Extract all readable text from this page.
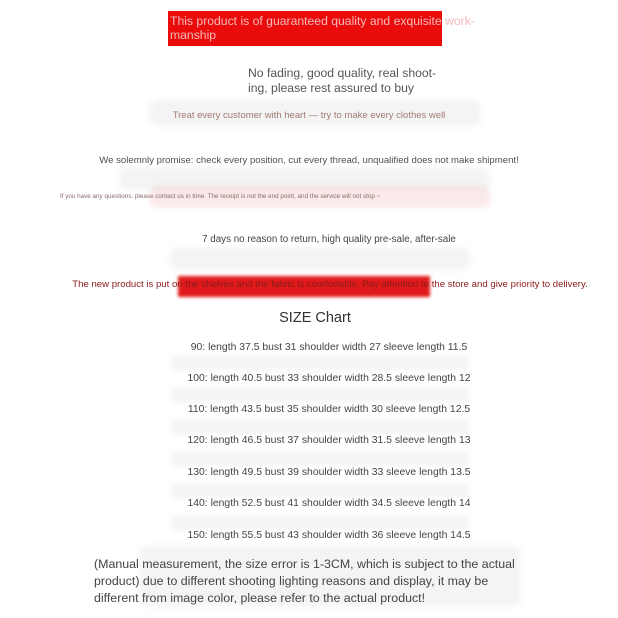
This product is of guaranteed quality and exquisite work-manship
No fading, good quality, real shoot-ing, please rest assured to buy
Treat every customer with heart — try to make every clothes well
We solemnly promise: check every position, cut every thread, unqualified does not make shipment!
If you have any questions, please contact us in time. The receipt is not the end point, and the service will not stop ~
7 days no reason to return, high quality pre-sale, after-sale
The new product is put on the shelves and the fabric is comfortable. Pay attention to the store and give priority to delivery.
SIZE Chart
90: length 37.5 bust 31 shoulder width 27 sleeve length 11.5
100: length 40.5 bust 33 shoulder width 28.5 sleeve length 12
110: length 43.5 bust 35 shoulder width 30 sleeve length 12.5
120: length 46.5 bust 37 shoulder width 31.5 sleeve length 13
130: length 49.5 bust 39 shoulder width 33 sleeve length 13.5
140: length 52.5 bust 41 shoulder width 34.5 sleeve length 14
150: length 55.5 bust 43 shoulder width 36 sleeve length 14.5
(Manual measurement, the size error is 1-3CM, which is subject to the actual product) due to different shooting lighting reasons and display, it may be different from image color, please refer to the actual product!
